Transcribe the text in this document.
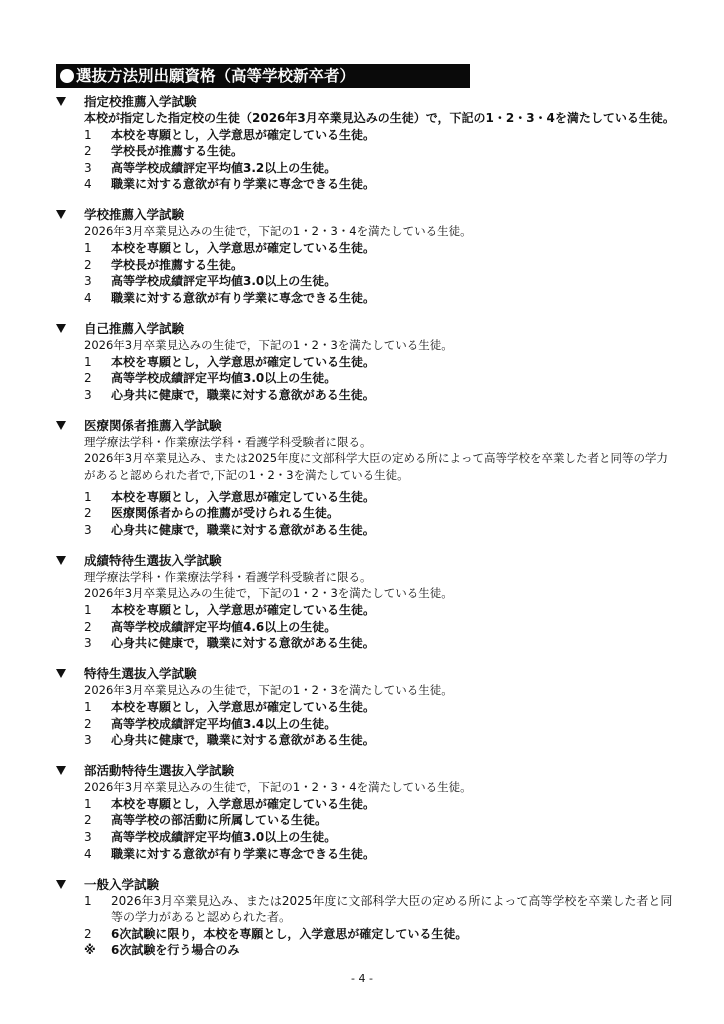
選抜方法別出願資格（高等学校新卒者）
指定校推薦入学試験
本校が指定した指定校の生徒（2026年3月卒業見込みの生徒）で，下記の1・2・3・4を満たしている生徒。
1 本校を専願とし，入学意思が確定している生徒。
2 学校長が推薦する生徒。
3 高等学校成績評定平均値3.2以上の生徒。
4 職業に対する意欲が有り学業に専念できる生徒。
学校推薦入学試験
2026年3月卒業見込みの生徒で，下記の1・2・3・4を満たしている生徒。
1 本校を専願とし，入学意思が確定している生徒。
2 学校長が推薦する生徒。
3 高等学校成績評定平均値3.0以上の生徒。
4 職業に対する意欲が有り学業に専念できる生徒。
自己推薦入学試験
2026年3月卒業見込みの生徒で，下記の1・2・3を満たしている生徒。
1 本校を専願とし，入学意思が確定している生徒。
2 高等学校成績評定平均値3.0以上の生徒。
3 心身共に健康で，職業に対する意欲がある生徒。
医療関係者推薦入学試験
理学療法学科・作業療法学科・看護学科受験者に限る。
2026年3月卒業見込み、または2025年度に文部科学大臣の定める所によって高等学校を卒業した者と同等の学力があると認められた者で,下記の1・2・3を満たしている生徒。
1 本校を専願とし，入学意思が確定している生徒。
2 医療関係者からの推薦が受けられる生徒。
3 心身共に健康で，職業に対する意欲がある生徒。
成績特待生選抜入学試験
理学療法学科・作業療法学科・看護学科受験者に限る。
2026年3月卒業見込みの生徒で，下記の1・2・3を満たしている生徒。
1 本校を専願とし，入学意思が確定している生徒。
2 高等学校成績評定平均値4.6以上の生徒。
3 心身共に健康で，職業に対する意欲がある生徒。
特待生選抜入学試験
2026年3月卒業見込みの生徒で，下記の1・2・3を満たしている生徒。
1 本校を専願とし，入学意思が確定している生徒。
2 高等学校成績評定平均値3.4以上の生徒。
3 心身共に健康で，職業に対する意欲がある生徒。
部活動特待生選抜入学試験
2026年3月卒業見込みの生徒で，下記の1・2・3・4を満たしている生徒。
1 本校を専願とし，入学意思が確定している生徒。
2 高等学校の部活動に所属している生徒。
3 高等学校成績評定平均値3.0以上の生徒。
4 職業に対する意欲が有り学業に専念できる生徒。
一般入学試験
1 2026年3月卒業見込み、または2025年度に文部科学大臣の定める所によって高等学校を卒業した者と同等の学力があると認められた者。
2 6次試験に限り，本校を専願とし，入学意思が確定している生徒。
※ 6次試験を行う場合のみ
- 4 -
